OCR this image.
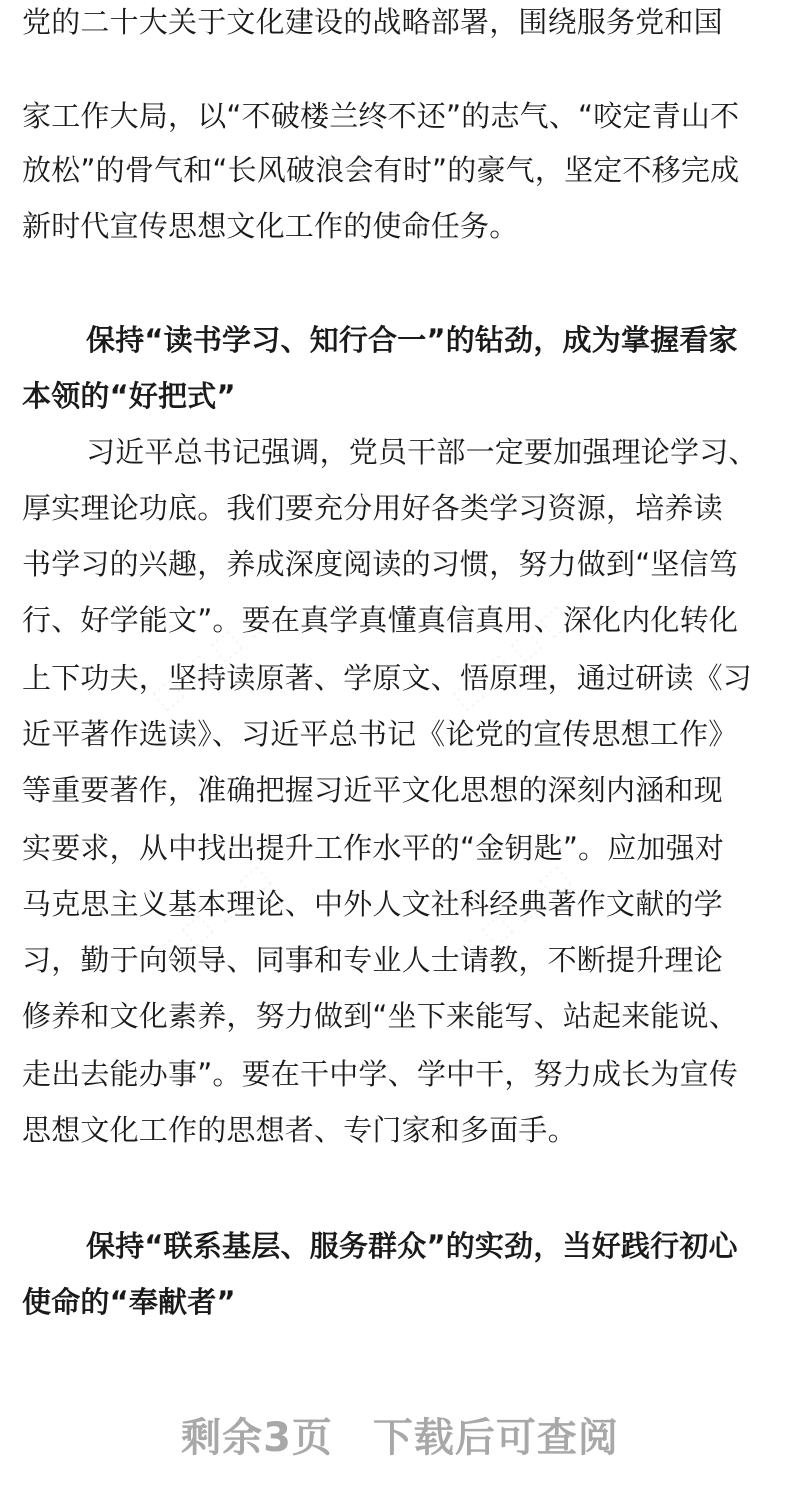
党的二十大关于文化建设的战略部署，围绕服务党和国
家工作大局，以“不破楼兰终不还”的志气、“咬定青山不
放松”的骨气和“长风破浪会有时”的豪气，坚定不移完成
新时代宣传思想文化工作的使命任务。
保持“读书学习、知行合一”的钻劲，成为掌握看家
本领的“好把式”
习近平总书记强调，党员干部一定要加强理论学习、
厚实理论功底。我们要充分用好各类学习资源，培养读
书学习的兴趣，养成深度阅读的习惯，努力做到“坚信笃
行、好学能文”。要在真学真懂真信真用、深化内化转化
上下功夫，坚持读原著、学原文、悟原理，通过研读《习
近平著作选读》、习近平总书记《论党的宣传思想工作》
等重要著作，准确把握习近平文化思想的深刻内涵和现
实要求，从中找出提升工作水平的“金钥匙”。应加强对
马克思主义基本理论、中外人文社科经典著作文献的学
习，勤于向领导、同事和专业人士请教，不断提升理论
修养和文化素养，努力做到“坐下来能写、站起来能说、
走出去能办事”。要在干中学、学中干，努力成长为宣传
思想文化工作的思想者、专门家和多面手。
保持“联系基层、服务群众”的实劲，当好践行初心
使命的“奉献者”
剩余3页 下载后可查阅
